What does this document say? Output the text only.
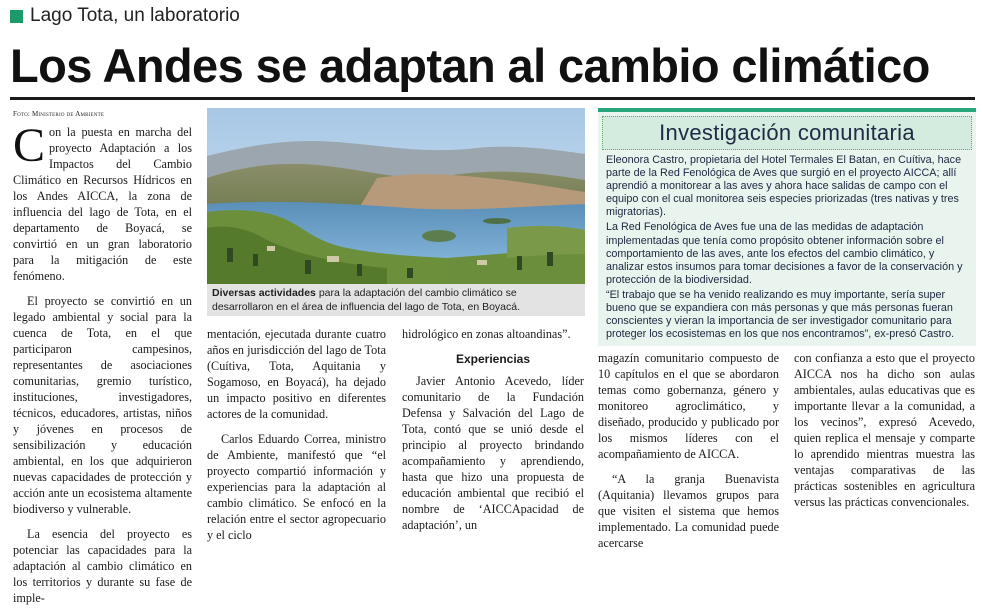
Lago Tota, un laboratorio
Los Andes se adaptan al cambio climático
Foto: Ministerio de Ambiente

Con la puesta en marcha del proyecto Adaptación a los Impactos del Cambio Climático en Recursos Hídricos en los Andes AICCA, la zona de influencia del lago de Tota, en el departamento de Boyacá, se convirtió en un gran laboratorio para la mitigación de este fenómeno.

El proyecto se convirtió en un legado ambiental y social para la cuenca de Tota, en el que participaron campesinos, representantes de asociaciones comunitarias, gremio turístico, instituciones, investigadores, técnicos, educadores, artistas, niños y jóvenes en procesos de sensibilización y educación ambiental, en los que adquirieron nuevas capacidades de protección y acción ante un ecosistema altamente biodiverso y vulnerable.

La esencia del proyecto es potenciar las capacidades para la adaptación al cambio climático en los territorios y durante su fase de imple-

Diversas actividades para la adaptación del cambio climático se desarrollaron en el área de influencia del lago de Tota, en Boyacá.

mentación, ejecutada durante cuatro años en jurisdicción del lago de Tota (Cuítiva, Tota, Aquitania y Sogamoso, en Boyacá), ha dejado un impacto positivo en diferentes actores de la comunidad.

Carlos Eduardo Correa, ministro de Ambiente, manifestó que “el proyecto compartió información y experiencias para la adaptación al cambio climático. Se enfocó en la relación entre el sector agropecuario y el ciclo

hidrológico en zonas altoandinas”.

Experiencias

Javier Antonio Acevedo, líder comunitario de la Fundación Defensa y Salvación del Lago de Tota, contó que se unió desde el principio al proyecto brindando acompañamiento y aprendiendo, hasta que hizo una propuesta de educación ambiental que recibió el nombre de ‘AICCApacidad de adaptación’, un

Investigación comunitaria

Eleonora Castro, propietaria del Hotel Termales El Batan, en Cuítiva, hace parte de la Red Fenológica de Aves que surgió en el proyecto AICCA; allí aprendió a monitorear a las aves y ahora hace salidas de campo con el equipo con el cual monitorea seis especies priorizadas (tres nativas y tres migratorias).

La Red Fenológica de Aves fue una de las medidas de adaptación implementadas que tenía como propósito obtener información sobre el comportamiento de las aves, ante los efectos del cambio climático, y analizar estos insumos para tomar decisiones a favor de la conservación y protección de la biodiversidad.

“El trabajo que se ha venido realizando es muy importante, sería super bueno que se expandiera con más personas y que más personas fueran conscientes y vieran la importancia de ser investigador comunitario para proteger los ecosistemas en los que nos encontramos”, ex-presó Castro.

magazín comunitario compuesto de 10 capítulos en el que se abordaron temas como gobernanza, género y monitoreo agroclimático, y diseñado, producido y publicado por los mismos líderes con el acompañamiento de AICCA.

“A la granja Buenavista (Aquitania) llevamos grupos para que visiten el sistema que hemos implementado. La comunidad puede acercarse

con confianza a esto que el proyecto AICCA nos ha dicho son aulas ambientales, aulas educativas que es importante llevar a la comunidad, a los vecinos”, expresó Acevedo, quien replica el mensaje y comparte lo aprendido mientras muestra las ventajas comparativas de las prácticas sostenibles en agricultura versus las prácticas convencionales.
